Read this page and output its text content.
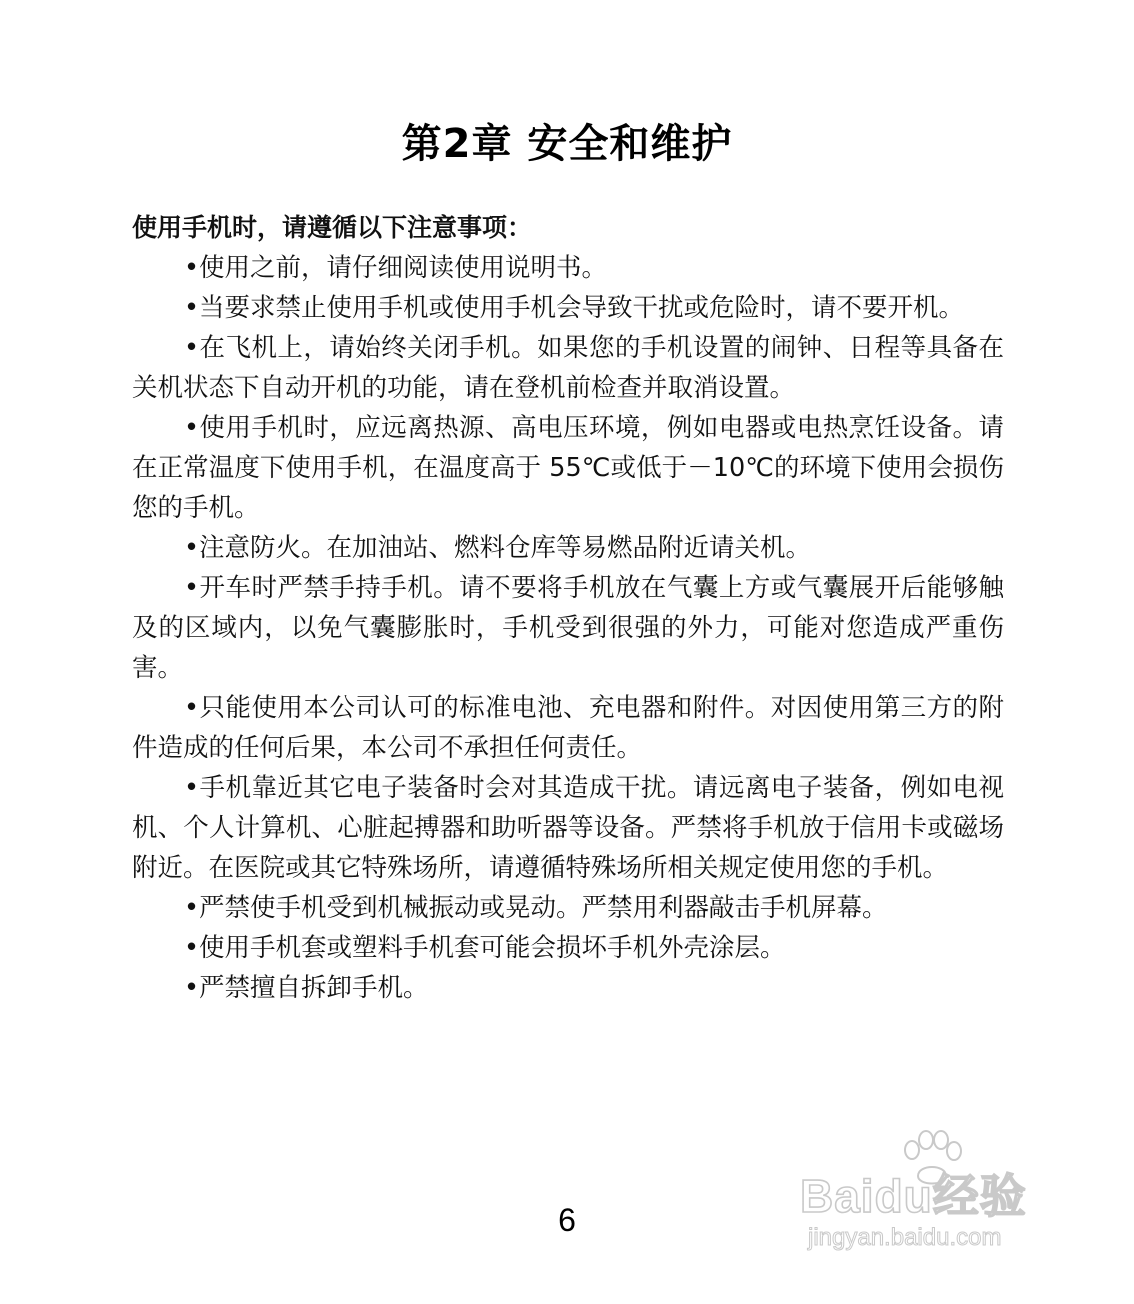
第2章 安全和维护

使用手机时，请遵循以下注意事项：

•使用之前，请仔细阅读使用说明书。

•当要求禁止使用手机或使用手机会导致干扰或危险时，请不要开机。

•在飞机上，请始终关闭手机。如果您的手机设置的闹钟、日程等具备在关机状态下自动开机的功能，请在登机前检查并取消设置。

•使用手机时，应远离热源、高电压环境，例如电器或电热烹饪设备。请在正常温度下使用手机，在温度高于 55℃或低于－10℃的环境下使用会损伤您的手机。

•注意防火。在加油站、燃料仓库等易燃品附近请关机。

•开车时严禁手持手机。请不要将手机放在气囊上方或气囊展开后能够触及的区域内，以免气囊膨胀时，手机受到很强的外力，可能对您造成严重伤害。

•只能使用本公司认可的标准电池、充电器和附件。对因使用第三方的附件造成的任何后果，本公司不承担任何责任。

•手机靠近其它电子装备时会对其造成干扰。请远离电子装备，例如电视机、个人计算机、心脏起搏器和助听器等设备。严禁将手机放于信用卡或磁场附近。在医院或其它特殊场所，请遵循特殊场所相关规定使用您的手机。

•严禁使手机受到机械振动或晃动。严禁用利器敲击手机屏幕。

•使用手机套或塑料手机套可能会损坏手机外壳涂层。

•严禁擅自拆卸手机。

Baidu经验
jingyan.baidu.com
6
